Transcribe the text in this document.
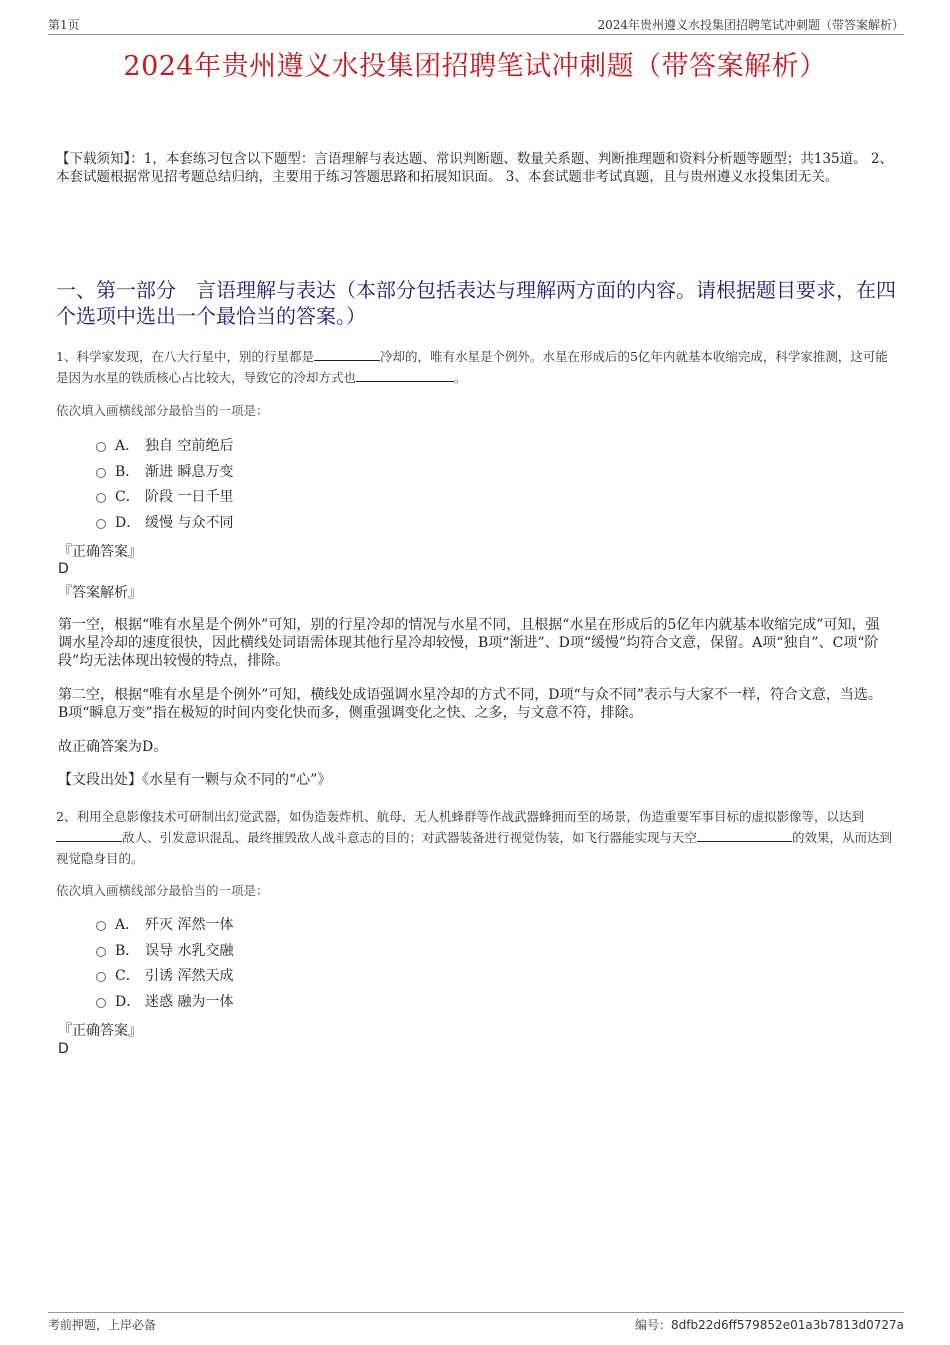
第1页	2024年贵州遵义水投集团招聘笔试冲刺题（带答案解析）
2024年贵州遵义水投集团招聘笔试冲刺题（带答案解析）
【下载须知】：1，本套练习包含以下题型：言语理解与表达题、常识判断题、数量关系题、判断推理题和资料分析题等题型；共135道。 2、本套试题根据常见招考题总结归纳，主要用于练习答题思路和拓展知识面。 3、本套试题非考试真题，且与贵州遵义水投集团无关。
一、第一部分　言语理解与表达（本部分包括表达与理解两方面的内容。请根据题目要求，在四个选项中选出一个最恰当的答案。）
1、科学家发现，在八大行星中，别的行星都是	冷却的，唯有水星是个例外。水星在形成后的5亿年内就基本收缩完成，科学家推测，这可能是因为水星的铁质核心占比较大，导致它的冷却方式也	。
依次填入画横线部分最恰当的一项是：
A． 独自 空前绝后
B． 渐进 瞬息万变
C． 阶段 一日千里
D． 缓慢 与众不同
『正确答案』
D
『答案解析』
第一空，根据“唯有水星是个例外”可知，别的行星冷却的情况与水星不同，且根据“水星在形成后的5亿年内就基本收缩完成”可知，强调水星冷却的速度很快，因此横线处词语需体现其他行星冷却较慢，B项“渐进”、D项“缓慢”均符合文意，保留。A项“独自”、C项“阶段”均无法体现出较慢的特点，排除。
第二空，根据“唯有水星是个例外”可知，横线处成语强调水星冷却的方式不同，D项“与众不同”表示与大家不一样，符合文意，当选。B项“瞬息万变”指在极短的时间内变化快而多，侧重强调变化之快、之多，与文意不符，排除。
故正确答案为D。
【文段出处】《水星有一颗与众不同的“心”》
2、利用全息影像技术可研制出幻觉武器，如伪造轰炸机、航母、无人机蜂群等作战武器蜂拥而至的场景，伪造重要军事目标的虚拟影像等，以达到敌人、引发意识混乱、最终摧毁敌人战斗意志的目的；对武器装备进行视觉伪装，如飞行器能实现与天空	的效果，从而达到视觉隐身目的。
依次填入画横线部分最恰当的一项是：
A． 歼灭 浑然一体
B． 误导 水乳交融
C． 引诱 浑然天成
D． 迷惑 融为一体
『正确答案』
D
考前押题，上岸必备	编号：8dfb22d6ff579852e01a3b7813d0727a
